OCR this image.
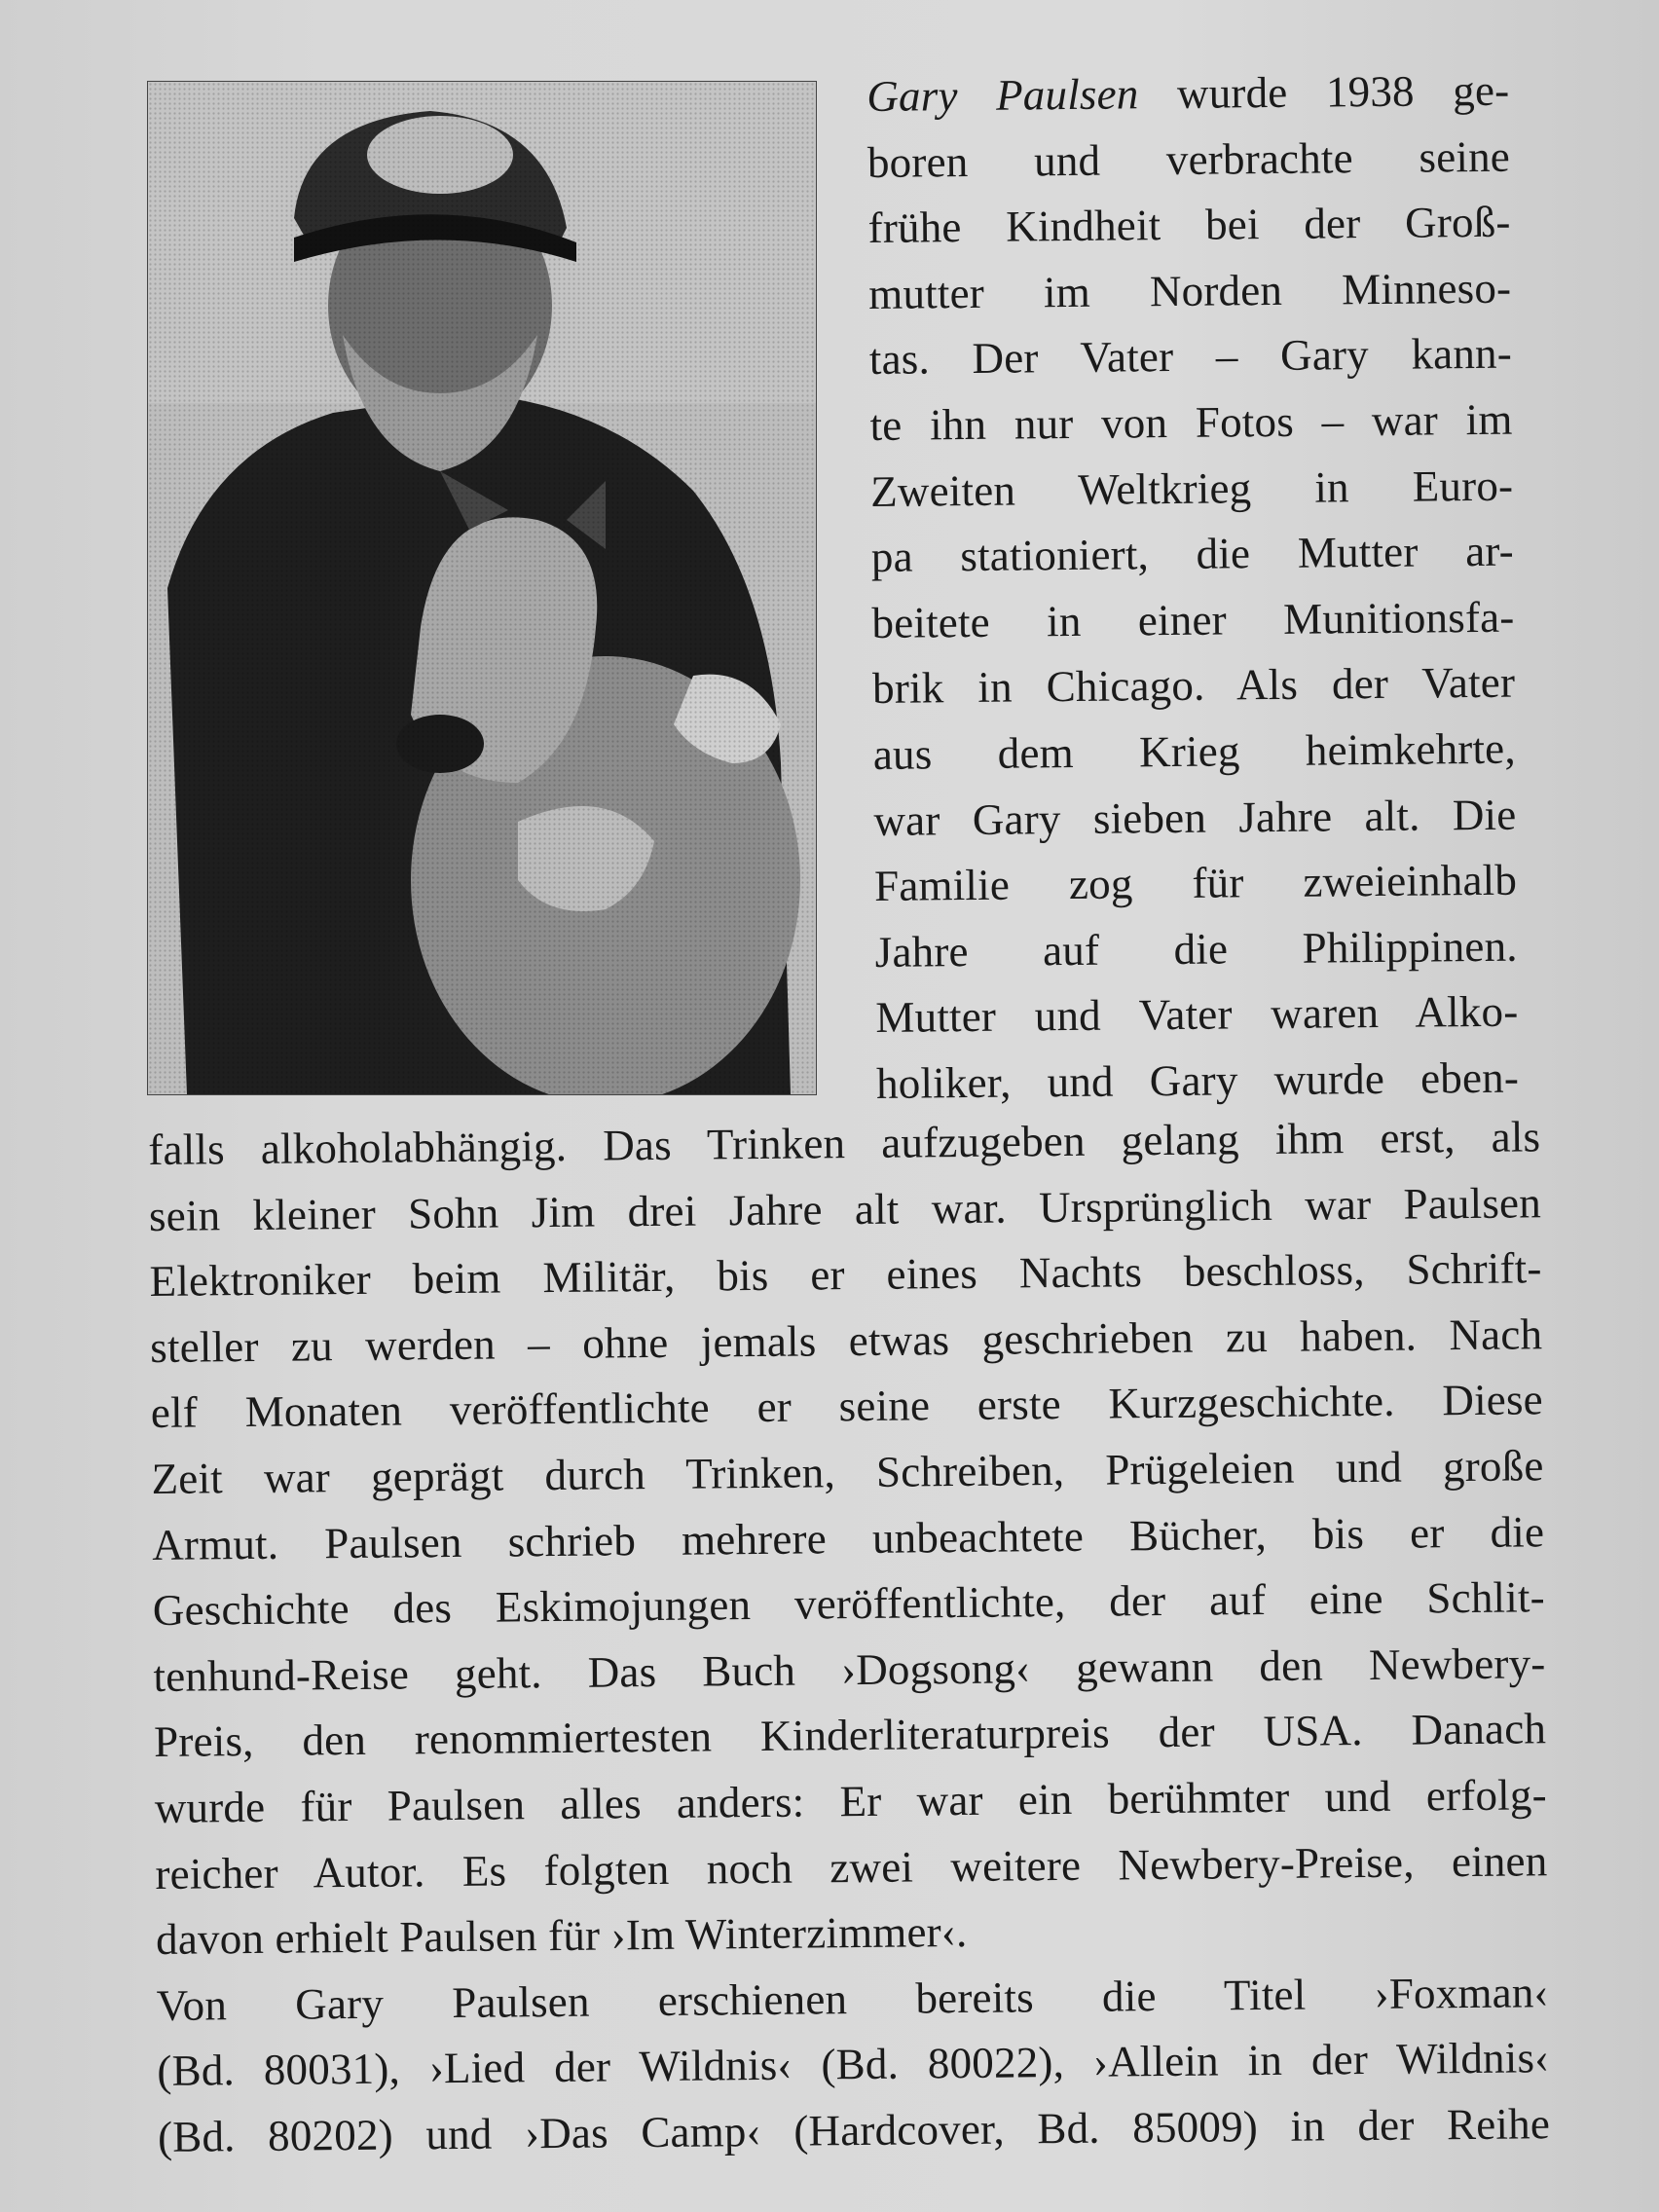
Gary Paulsen wurde 1938 ge-
boren und verbrachte seine
frühe Kindheit bei der Groß-
mutter im Norden Minneso-
tas. Der Vater – Gary kann-
te ihn nur von Fotos – war im
Zweiten Weltkrieg in Euro-
pa stationiert, die Mutter ar-
beitete in einer Munitionsfa-
brik in Chicago. Als der Vater
aus dem Krieg heimkehrte,
war Gary sieben Jahre alt. Die
Familie zog für zweieinhalb
Jahre auf die Philippinen.
Mutter und Vater waren Alko-
holiker, und Gary wurde eben-
falls alkoholabhängig. Das Trinken aufzugeben gelang ihm erst, als
sein kleiner Sohn Jim drei Jahre alt war. Ursprünglich war Paulsen
Elektroniker beim Militär, bis er eines Nachts beschloss, Schrift-
steller zu werden – ohne jemals etwas geschrieben zu haben. Nach
elf Monaten veröffentlichte er seine erste Kurzgeschichte. Diese
Zeit war geprägt durch Trinken, Schreiben, Prügeleien und große
Armut. Paulsen schrieb mehrere unbeachtete Bücher, bis er die
Geschichte des Eskimojungen veröffentlichte, der auf eine Schlit-
tenhund-Reise geht. Das Buch ›Dogsong‹ gewann den Newbery-
Preis, den renommiertesten Kinderliteraturpreis der USA. Danach
wurde für Paulsen alles anders: Er war ein berühmter und erfolg-
reicher Autor. Es folgten noch zwei weitere Newbery-Preise, einen
davon erhielt Paulsen für ›Im Winterzimmer‹.
Von Gary Paulsen erschienen bereits die Titel ›Foxman‹
(Bd. 80031), ›Lied der Wildnis‹ (Bd. 80022), ›Allein in der Wildnis‹
(Bd. 80202) und ›Das Camp‹ (Hardcover, Bd. 85009) in der Reihe
